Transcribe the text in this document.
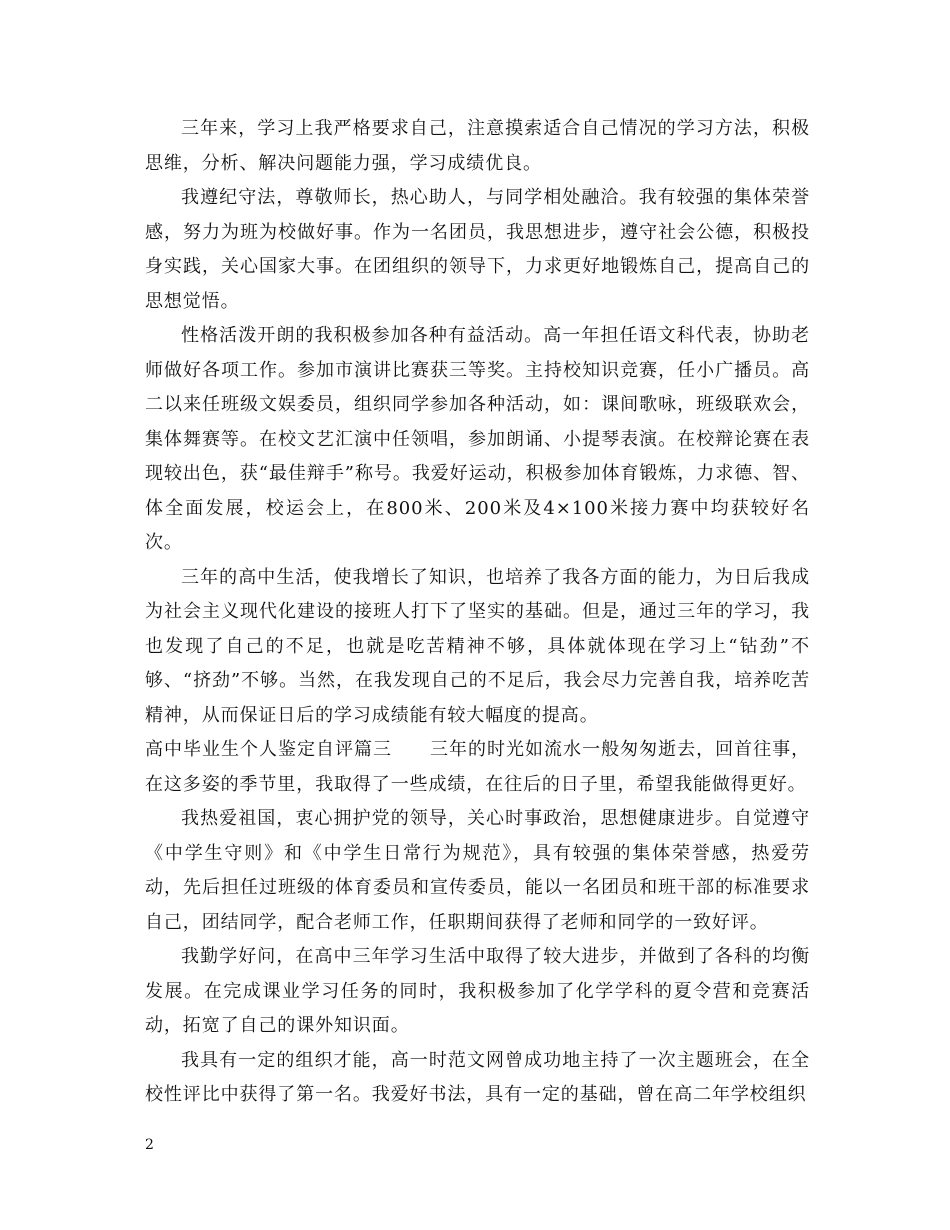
三年来，学习上我严格要求自己，注意摸索适合自己情况的学习方法，积极思维，分析、解决问题能力强，学习成绩优良。

我遵纪守法，尊敬师长，热心助人，与同学相处融洽。我有较强的集体荣誉感，努力为班为校做好事。作为一名团员，我思想进步，遵守社会公德，积极投身实践，关心国家大事。在团组织的领导下，力求更好地锻炼自己，提高自己的思想觉悟。

性格活泼开朗的我积极参加各种有益活动。高一年担任语文科代表，协助老师做好各项工作。参加市演讲比赛获三等奖。主持校知识竞赛，任小广播员。高二以来任班级文娱委员，组织同学参加各种活动，如：课间歌咏，班级联欢会，集体舞赛等。在校文艺汇演中任领唱，参加朗诵、小提琴表演。在校辩论赛在表现较出色，获“最佳辩手”称号。我爱好运动，积极参加体育锻炼，力求德、智、体全面发展，校运会上，在800米、200米及4×100米接力赛中均获较好名次。

三年的高中生活，使我增长了知识，也培养了我各方面的能力，为日后我成为社会主义现代化建设的接班人打下了坚实的基础。但是，通过三年的学习，我也发现了自己的不足，也就是吃苦精神不够，具体就体现在学习上“钻劲”不够、“挤劲”不够。当然，在我发现自己的不足后，我会尽力完善自我，培养吃苦精神，从而保证日后的学习成绩能有较大幅度的提高。

高中毕业生个人鉴定自评篇三　　三年的时光如流水一般匆匆逝去，回首往事，在这多姿的季节里，我取得了一些成绩，在往后的日子里，希望我能做得更好。

我热爱祖国，衷心拥护党的领导，关心时事政治，思想健康进步。自觉遵守《中学生守则》和《中学生日常行为规范》，具有较强的集体荣誉感，热爱劳动，先后担任过班级的体育委员和宣传委员，能以一名团员和班干部的标准要求自己，团结同学，配合老师工作，任职期间获得了老师和同学的一致好评。

我勤学好问，在高中三年学习生活中取得了较大进步，并做到了各科的均衡发展。在完成课业学习任务的同时，我积极参加了化学学科的夏令营和竞赛活动，拓宽了自己的课外知识面。

我具有一定的组织才能，高一时范文网曾成功地主持了一次主题班会，在全校性评比中获得了第一名。我爱好书法，具有一定的基础，曾在高二年学校组织

2
